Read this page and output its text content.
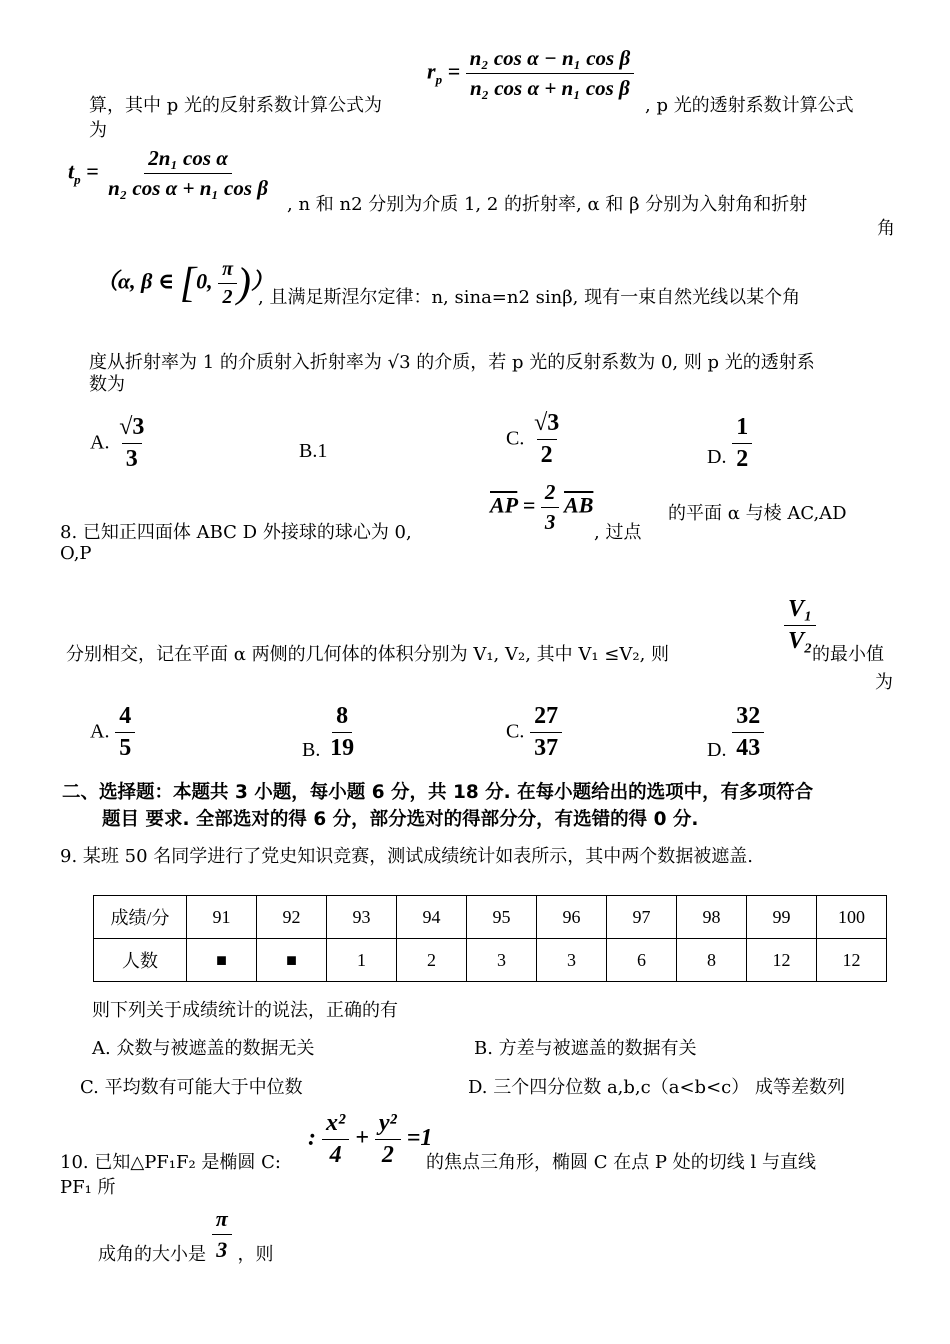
算，其中 p 光的反射系数计算公式为
$r_p = \frac{\text{n₂ cos α − n₁ cos β}}{\text{n₂ cos α + n₁ cos β}}$
, p 光的透射系数计算公式
为
$t_p = \frac{\text{2n₁ cos α}}{\text{n₂ cos α + n₁ cos β}}$
, n 和 n2 分别为介质 1, 2 的折射率, α 和 β 分别为入射角和折射
角
（α, β ∈ [0, $\frac{\pi}{2}$ )）
, 且满足斯涅尔定律：n, sina=n2 sinβ, 现有一束自然光线以某个角
度从折射率为 1 的介质射入折射率为 √3 的介质，若 p 光的反射系数为 0, 则 p 光的透射系
数为
A. $\frac{√3}{3}$	B.1
C. $\frac{√3}{2}$	D. $\frac{1}{2}$
8. 已知正四面体 ABC D 外接球的球心为 0,
$\overline{AP} = \frac{2}{3} \overline{AB}$
, 过点
的平面 α 与棱 AC,AD
O,P
分别相交，记在平面 α 两侧的几何体的体积分别为 V₁, V₂, 其中 V₁ ≤V₂, 则	$\frac{\text{V₁}}{\text{V₂}}$
的最小值
为
A. $\frac{4}{5}$	B. $\frac{8}{19}$	C. $\frac{27}{37}$	D. $\frac{32}{43}$
二、选择题：本题共 3 小题，每小题 6 分，共 18 分. 在每小题给出的选项中，有多项符合
题目 要求. 全部选对的得 6 分，部分选对的得部分分，有选错的得 0 分.
9. 某班 50 名同学进行了党史知识竞赛，测试成绩统计如表所示，其中两个数据被遮盖.
成绩/分	91	92	93	94	95	96	97	98	99	100
人数	■	■	1	2	3	3	6	8	12	12
则下列关于成绩统计的说法，正确的有
A. 众数与被遮盖的数据无关	B. 方差与被遮盖的数据有关
C. 平均数有可能大于中位数	D. 三个四分位数 a,b,c（a<b<c） 成等差数列
10. 已知△PF₁F₂ 是椭圆 C:
: $\frac{\text{x²}}{4} + \frac{\text{y²}}{2} =1$
的焦点三角形，椭圆 C 在点 P 处的切线 l 与直线
PF₁ 所
成角的大小是 $\frac{\pi}{3}$ ，则
